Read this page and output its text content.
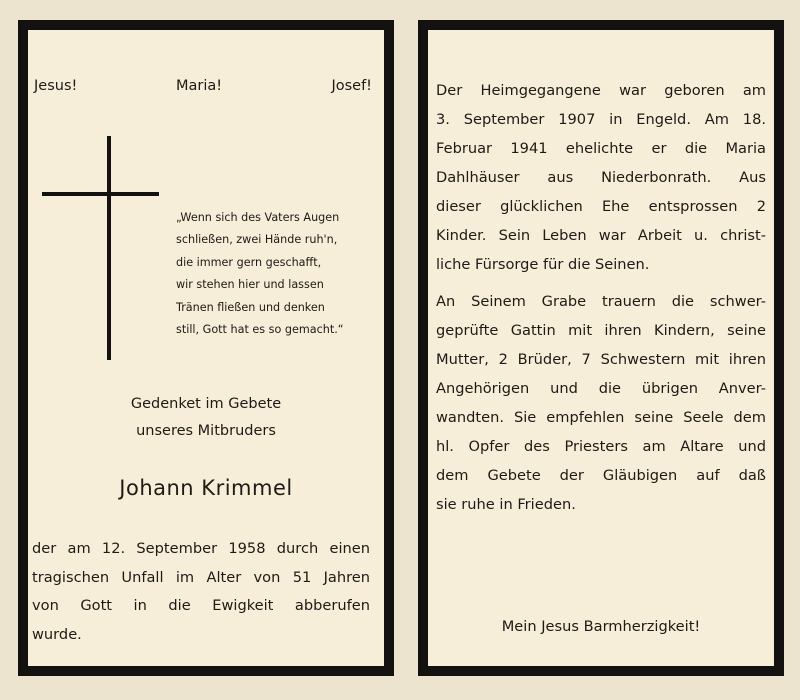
Jesus!	Maria!	Josef!
„Wenn sich des Vaters Augen
schließen, zwei Hände ruh'n,
die immer gern geschafft,
wir stehen hier und lassen
Tränen fließen und denken
still, Gott hat es so gemacht.“
Gedenket im Gebete
unseres Mitbruders
Johann Krimmel
der am 12. September 1958 durch einen
tragischen Unfall im Alter von 51 Jahren
von Gott in die Ewigkeit abberufen
wurde.
Der Heimgegangene war geboren am
3. September 1907 in Engeld. Am 18.
Februar 1941 ehelichte er die Maria
Dahlhäuser aus Niederbonrath. Aus
dieser glücklichen Ehe entsprossen 2
Kinder. Sein Leben war Arbeit u. christ-
liche Fürsorge für die Seinen.
An Seinem Grabe trauern die schwer-
geprüfte Gattin mit ihren Kindern, seine
Mutter, 2 Brüder, 7 Schwestern mit ihren
Angehörigen und die übrigen Anver-
wandten. Sie empfehlen seine Seele dem
hl. Opfer des Priesters am Altare und
dem Gebete der Gläubigen auf daß
sie ruhe in Frieden.
Mein Jesus Barmherzigkeit!
